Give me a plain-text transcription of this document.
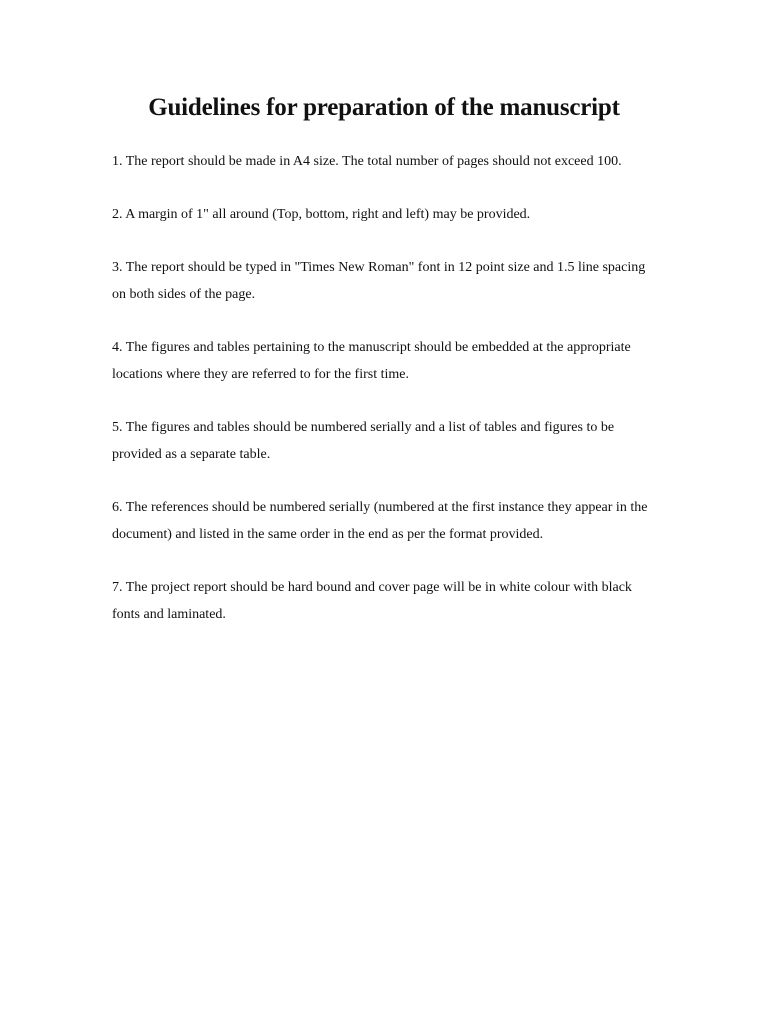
Guidelines for preparation of the manuscript
1. The report should be made in A4 size. The total number of pages should not exceed 100.
2. A margin of 1" all around (Top, bottom, right and left) may be provided.
3. The report should be typed in "Times New Roman" font in 12 point size and 1.5 line spacing on both sides of the page.
4. The figures and tables pertaining to the manuscript should be embedded at the appropriate locations where they are referred to for the first time.
5. The figures and tables should be numbered serially and a list of tables and figures to be provided as a separate table.
6. The references should be numbered serially (numbered at the first instance they appear in the document) and listed in the same order in the end as per the format provided.
7. The project report should be hard bound and cover page will be in white colour with black fonts and laminated.
